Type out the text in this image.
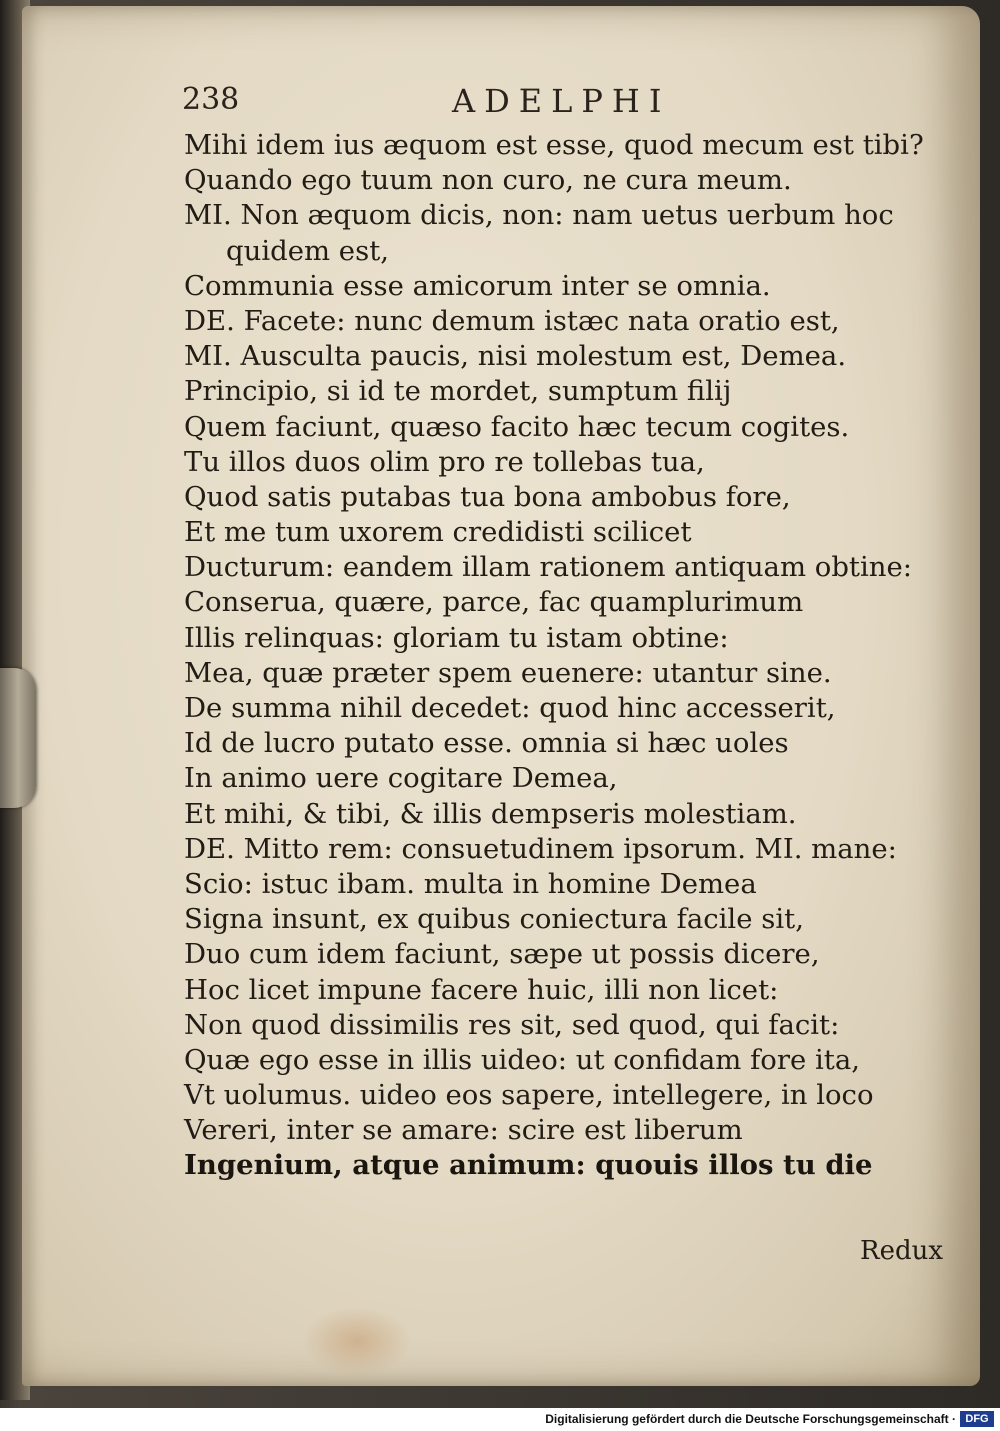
238	ADELPHI
Mihi idem ius æquom est esse, quod mecum est tibi?
Quando ego tuum non curo, ne cura meum.
MI. Non æquom dicis, non: nam uetus uerbum hoc
quidem est,
Communia esse amicorum inter se omnia.
DE. Facete: nunc demum istæc nata oratio est,
MI. Ausculta paucis, nisi molestum est, Demea.
Principio, si id te mordet, sumptum filij
Quem faciunt, quæso facito hæc tecum cogites.
Tu illos duos olim pro re tollebas tua,
Quod satis putabas tua bona ambobus fore,
Et me tum uxorem credidisti scilicet
Ducturum: eandem illam rationem antiquam obtine:
Conserua, quære, parce, fac quamplurimum
Illis relinquas: gloriam tu istam obtine:
Mea, quæ præter spem euenere: utantur sine.
De summa nihil decedet: quod hinc accesserit,
Id de lucro putato esse. omnia si hæc uoles
In animo uere cogitare Demea,
Et mihi, & tibi, & illis dempseris molestiam.
DE. Mitto rem: consuetudinem ipsorum. MI. mane:
Scio: istuc ibam. multa in homine Demea
Signa insunt, ex quibus coniectura facile sit,
Duo cum idem faciunt, sæpe ut possis dicere,
Hoc licet impune facere huic, illi non licet:
Non quod dissimilis res sit, sed quod, qui facit:
Quæ ego esse in illis uideo: ut confidam fore ita,
Vt uolumus. uideo eos sapere, intellegere, in loco
Vereri, inter se amare: scire est liberum
Ingenium, atque animum: quouis illos tu die
Redux
Digitalisierung gefördert durch die Deutsche Forschungsgemeinschaft · DFG
